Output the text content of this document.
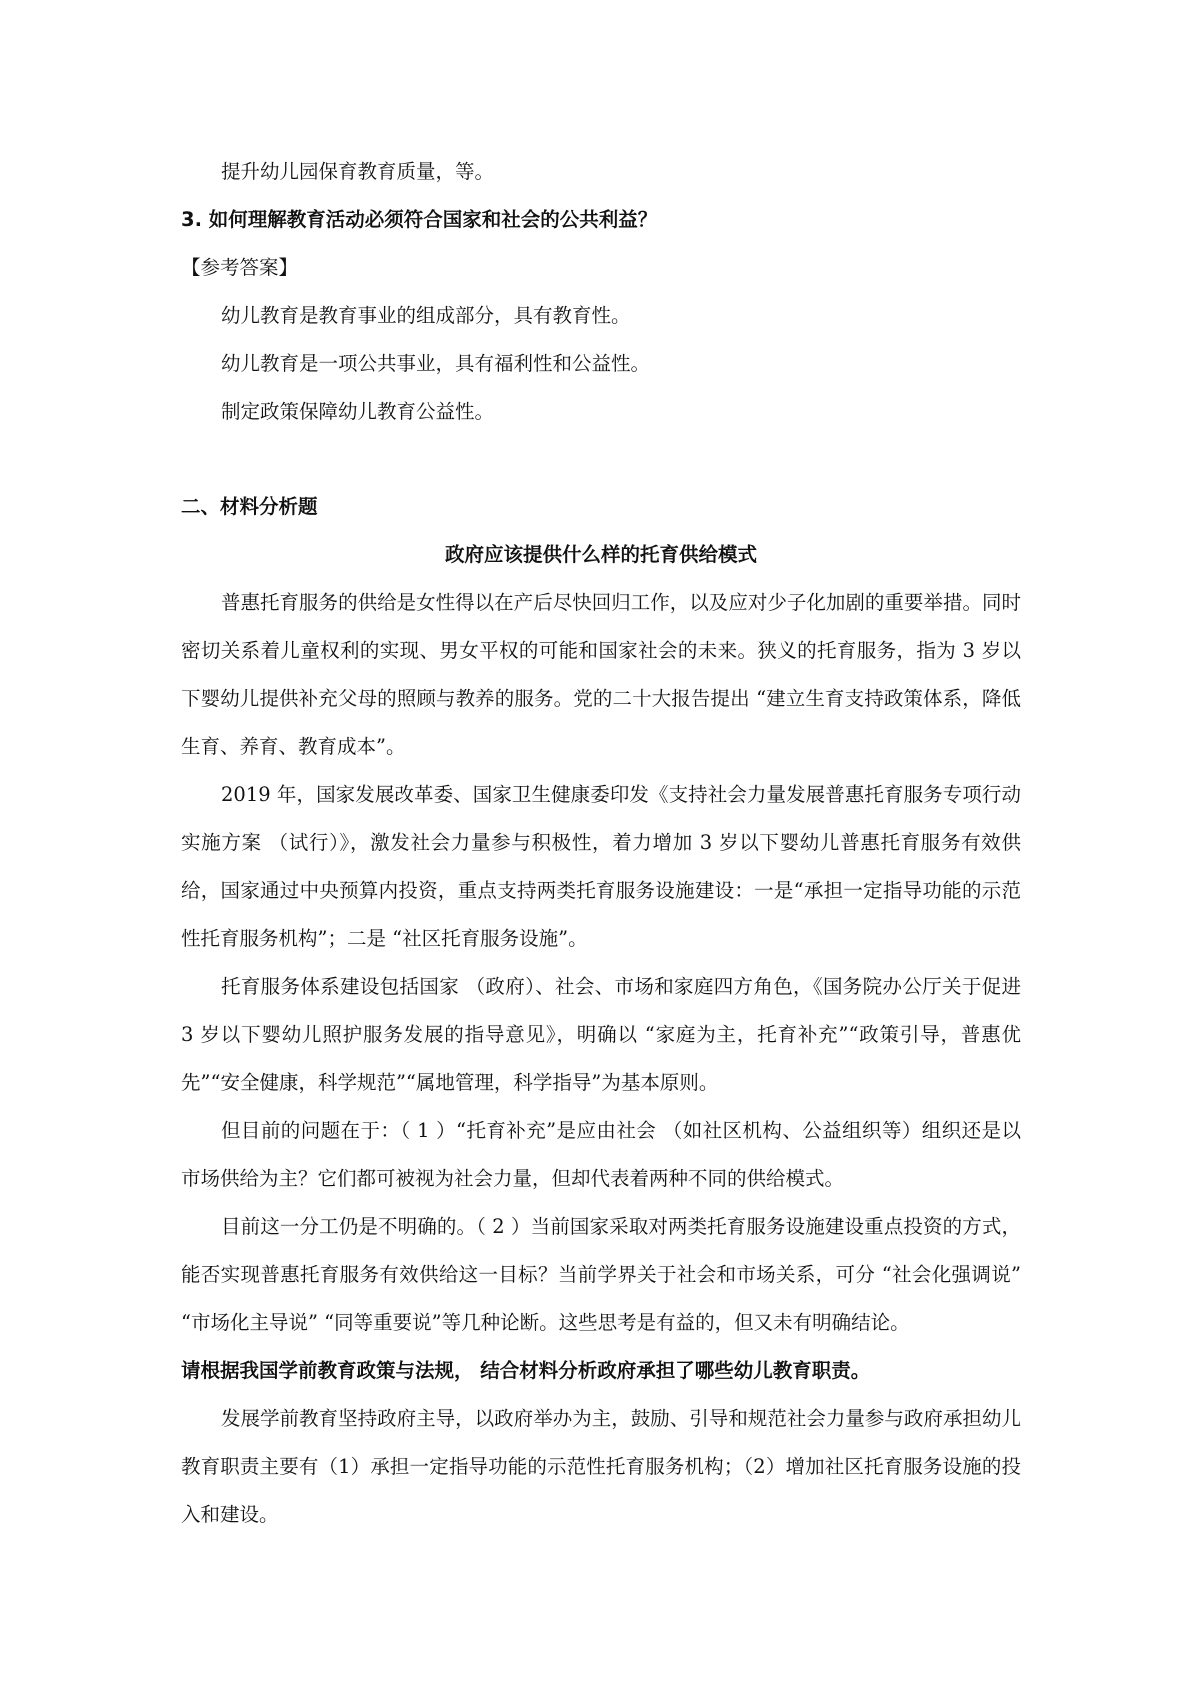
提升幼儿园保育教育质量，等。

3. 如何理解教育活动必须符合国家和社会的公共利益？

【参考答案】

幼儿教育是教育事业的组成部分，具有教育性。

幼儿教育是一项公共事业，具有福利性和公益性。

制定政策保障幼儿教育公益性。

二、材料分析题

政府应该提供什么样的托育供给模式

普惠托育服务的供给是女性得以在产后尽快回归工作，以及应对少子化加剧的重要举措。同时密切关系着儿童权利的实现、男女平权的可能和国家社会的未来。狭义的托育服务，指为 3 岁以下婴幼儿提供补充父母的照顾与教养的服务。党的二十大报告提出 “建立生育支持政策体系，降低生育、养育、教育成本”。

2019 年，国家发展改革委、国家卫生健康委印发《支持社会力量发展普惠托育服务专项行动实施方案 （试行）》，激发社会力量参与积极性，着力增加 3 岁以下婴幼儿普惠托育服务有效供给，国家通过中央预算内投资，重点支持两类托育服务设施建设：一是“承担一定指导功能的示范性托育服务机构”；二是 “社区托育服务设施”。

托育服务体系建设包括国家 （政府）、社会、市场和家庭四方角色，《国务院办公厅关于促进 3 岁以下婴幼儿照护服务发展的指导意见》，明确以 “家庭为主，托育补充”“政策引导，普惠优先”“安全健康，科学规范”“属地管理，科学指导”为基本原则。

但目前的问题在于：（ 1 ）“托育补充”是应由社会 （如社区机构、公益组织等）组织还是以市场供给为主？它们都可被视为社会力量，但却代表着两种不同的供给模式。

目前这一分工仍是不明确的。（ 2 ）当前国家采取对两类托育服务设施建设重点投资的方式，能否实现普惠托育服务有效供给这一目标？当前学界关于社会和市场关系，可分 “社会化强调说” “市场化主导说” “同等重要说”等几种论断。这些思考是有益的，但又未有明确结论。

请根据我国学前教育政策与法规， 结合材料分析政府承担了哪些幼儿教育职责。

发展学前教育坚持政府主导，以政府举办为主，鼓励、引导和规范社会力量参与政府承担幼儿教育职责主要有（1）承担一定指导功能的示范性托育服务机构；（2）增加社区托育服务设施的投入和建设。
